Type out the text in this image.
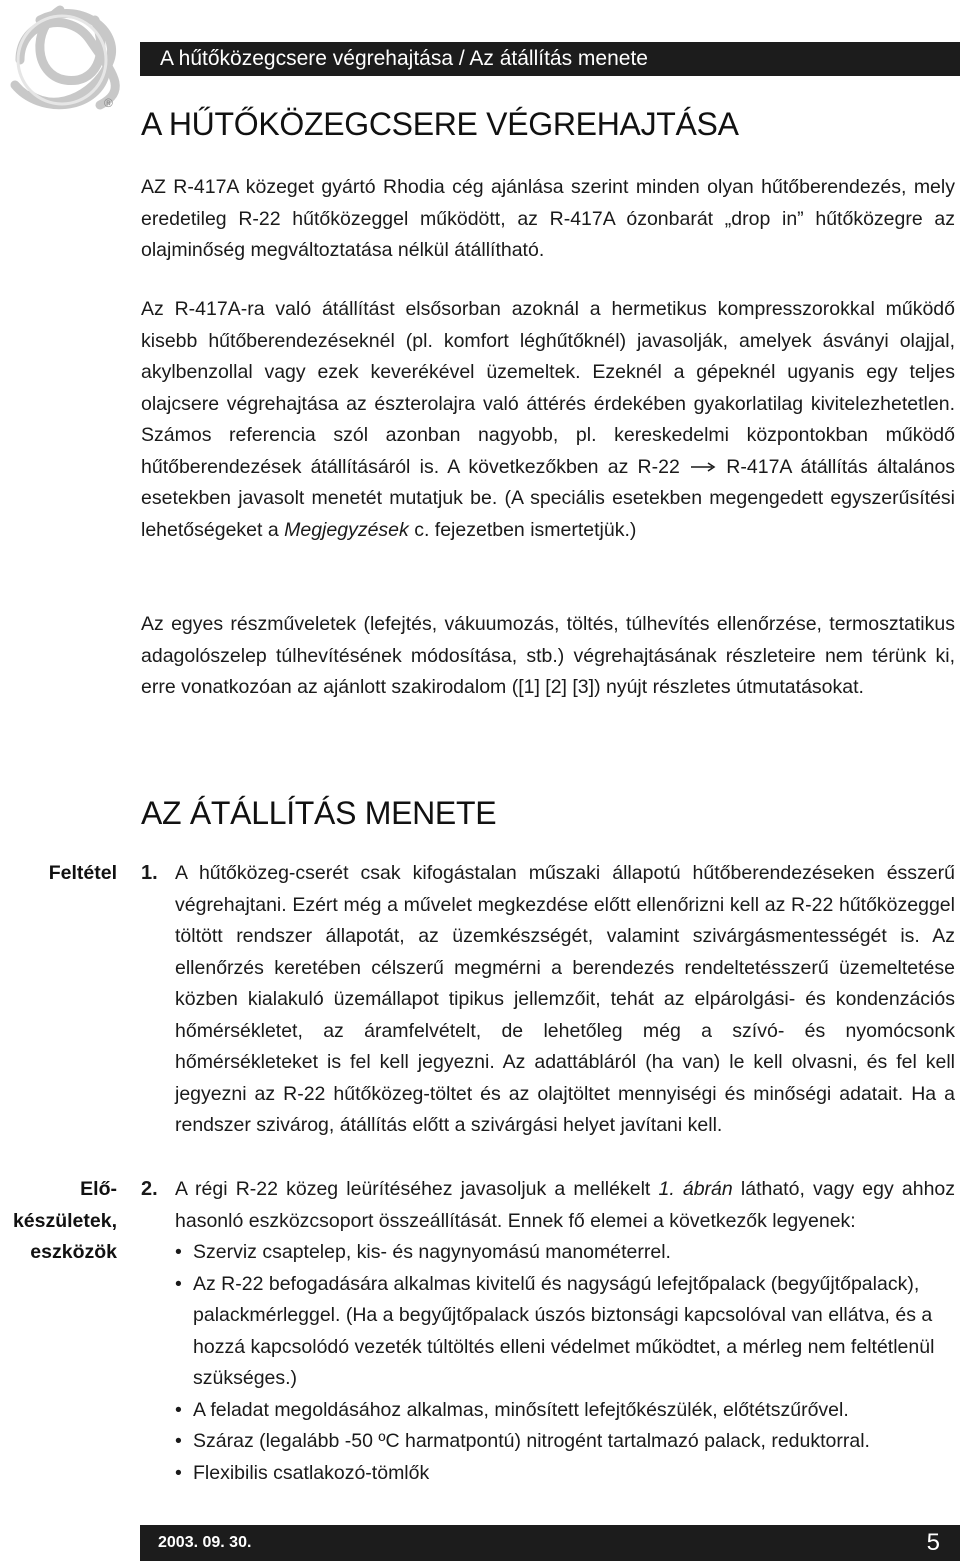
®
A hűtőközegcsere végrehajtása / Az átállítás menete
A HŰTŐKÖZEGCSERE VÉGREHAJTÁSA

AZ R-417A közeget gyártó Rhodia cég ajánlása szerint minden olyan hűtőberendezés, mely eredetileg R-22 hűtőközeggel működött, az R-417A ózonbarát „drop in” hűtőközegre az olajminőség megváltoztatása nélkül átállítható.

Az R-417A-ra való átállítást elsősorban azoknál a hermetikus kompresszorokkal működő kisebb hűtőberendezéseknél (pl. komfort léghűtőknél) javasolják, amelyek ásványi olajjal, akylbenzollal vagy ezek keverékével üzemeltek. Ezeknél a gépeknél ugyanis egy teljes olajcsere végrehajtása az észterolajra való áttérés érdekében gyakorlatilag kivitelezhetetlen. Számos referencia szól azonban nagyobb, pl. kereskedelmi központokban működő hűtőberendezések átállításáról is. A következőkben az R-22 R-417A átállítás általános esetekben javasolt menetét mutatjuk be. (A speciális esetekben megengedett egyszerűsítési lehetőségeket a Megjegyzések c. fejezetben ismertetjük.)

Az egyes részműveletek (lefejtés, vákuumozás, töltés, túlhevítés ellenőrzése, termosztatikus adagolószelep túlhevítésének módosítása, stb.) végrehajtásának részleteire nem térünk ki, erre vonatkozóan az ajánlott szakirodalom ([1] [2] [3]) nyújt részletes útmutatásokat.

AZ ÁTÁLLÍTÁS MENETE
Feltétel
Elő-
készületek,
eszközök
1. A hűtőközeg-cserét csak kifogástalan műszaki állapotú hűtőberendezéseken ésszerű végrehajtani. Ezért még a művelet megkezdése előtt ellenőrizni kell az R-22 hűtőközeggel töltött rendszer állapotát, az üzemkészségét, valamint szivárgásmentességét is. Az ellenőrzés keretében célszerű megmérni a berendezés rendeltetésszerű üzemeltetése közben kialakuló üzemállapot tipikus jellemzőit, tehát az elpárolgási- és kondenzációs hőmérsékletet, az áramfelvételt, de lehetőleg még a szívó- és nyomócsonk hőmérsékleteket is fel kell jegyezni. Az adattábláról (ha van) le kell olvasni, és fel kell jegyezni az R-22 hűtőközeg-töltet és az olajtöltet mennyiségi és minőségi adatait. Ha a rendszer szivárog, átállítás előtt a szivárgási helyet javítani kell.

2. A régi R-22 közeg leürítéséhez javasoljuk a mellékelt 1. ábrán látható, vagy egy ahhoz hasonló eszközcsoport összeállítását. Ennek fő elemei a következők legyenek:

• Szerviz csaptelep, kis- és nagynyomású manométerrel.
• Az R-22 befogadására alkalmas kivitelű és nagyságú lefejtőpalack (begyűjtőpalack), palackmérleggel. (Ha a begyűjtőpalack úszós biztonsági kapcsolóval van ellátva, és a hozzá kapcsolódó vezeték túltöltés elleni védelmet működtet, a mérleg nem feltétlenül szükséges.)
• A feladat megoldásához alkalmas, minősített lefejtőkészülék, előtétszűrővel.
• Száraz (legalább -50 ºC harmatpontú) nitrogént tartalmazó palack, reduktorral.
• Flexibilis csatlakozó-tömlők
2003. 09. 30.	5
